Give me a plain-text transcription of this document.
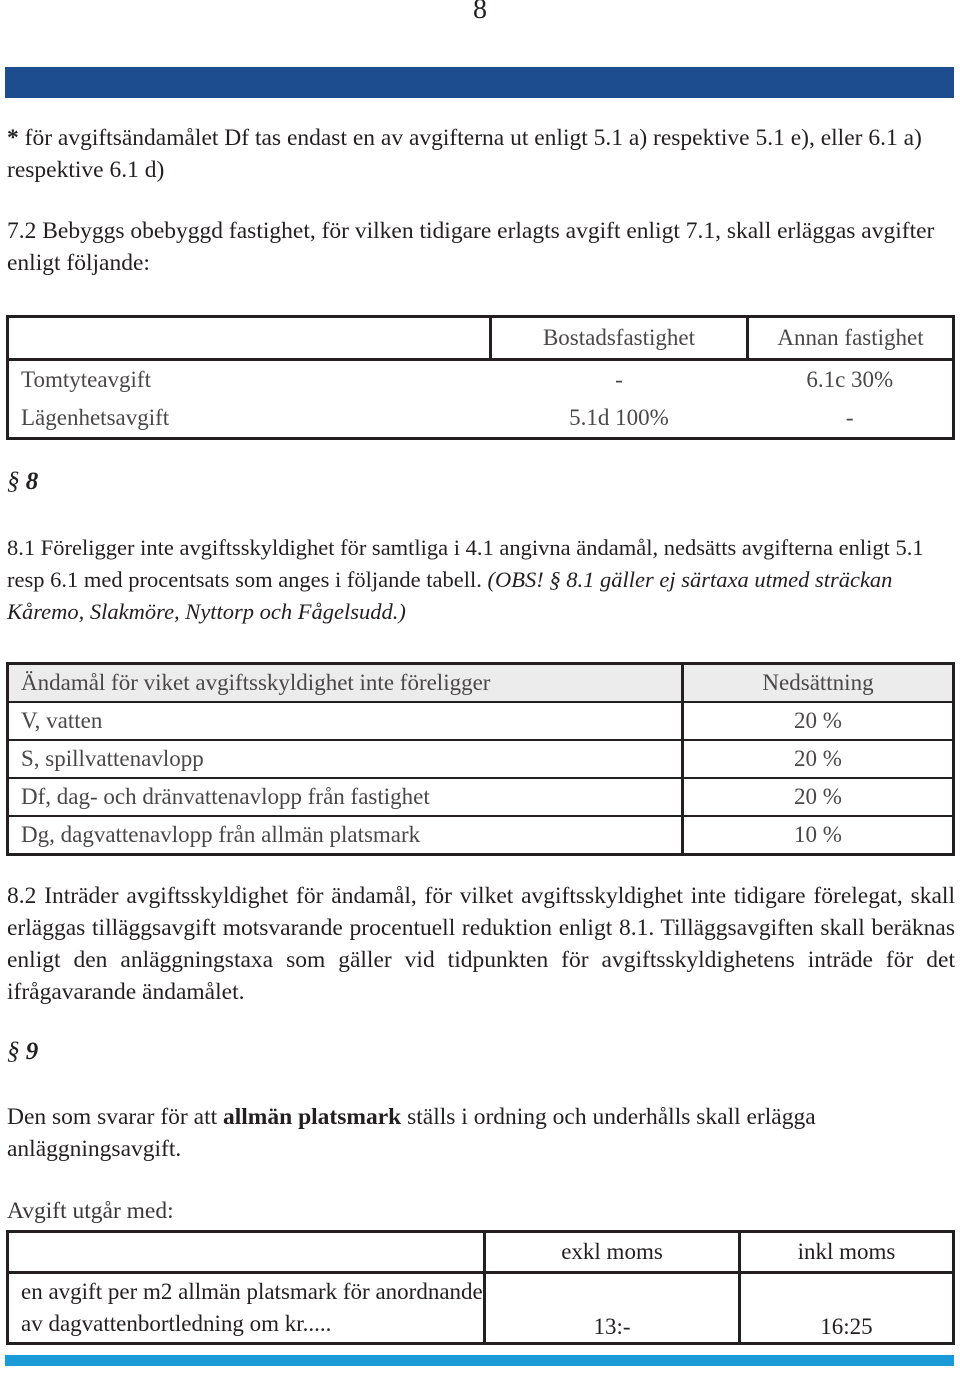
8

* för avgiftsändamålet Df tas endast en av avgifterna ut enligt 5.1 a) respektive 5.1 e), eller 6.1 a) respektive 6.1 d)

7.2 Bebyggs obebyggd fastighet, för vilken tidigare erlagts avgift enligt 7.1, skall erläggas avgifter enligt följande:

	Bostadsfastighet	Annan fastighet
Tomtyteavgift	-	6.1c 30%
Lägenhetsavgift	5.1d 100%	-
§ 8

8.1 Föreligger inte avgiftsskyldighet för samtliga i 4.1 angivna ändamål, nedsätts avgifterna enligt 5.1 resp 6.1 med procentsats som anges i följande tabell. (OBS! § 8.1 gäller ej särtaxa utmed sträckan Kåremo, Slakmöre, Nyttorp och Fågelsudd.)

Ändamål för viket avgiftsskyldighet inte föreligger	Nedsättning
V, vatten	20 %
S, spillvattenavlopp	20 %
Df, dag- och dränvattenavlopp från fastighet	20 %
Dg, dagvattenavlopp från allmän platsmark	10 %

8.2 Inträder avgiftsskyldighet för ändamål, för vilket avgiftsskyldighet inte tidigare förelegat, skall erläggas tilläggsavgift motsvarande procentuell reduktion enligt 8.1. Tilläggsavgiften skall beräknas enligt den anläggningstaxa som gäller vid tidpunkten för avgiftsskyldighetens inträde för det ifrågavarande ändamålet.

§ 9

Den som svarar för att allmän platsmark ställs i ordning och underhålls skall erlägga anläggningsavgift.

Avgift utgår med:

	exkl moms	inkl moms
en avgift per m2 allmän platsmark för anordnande av dagvattenbortledning om kr.....	13:-	16:25
